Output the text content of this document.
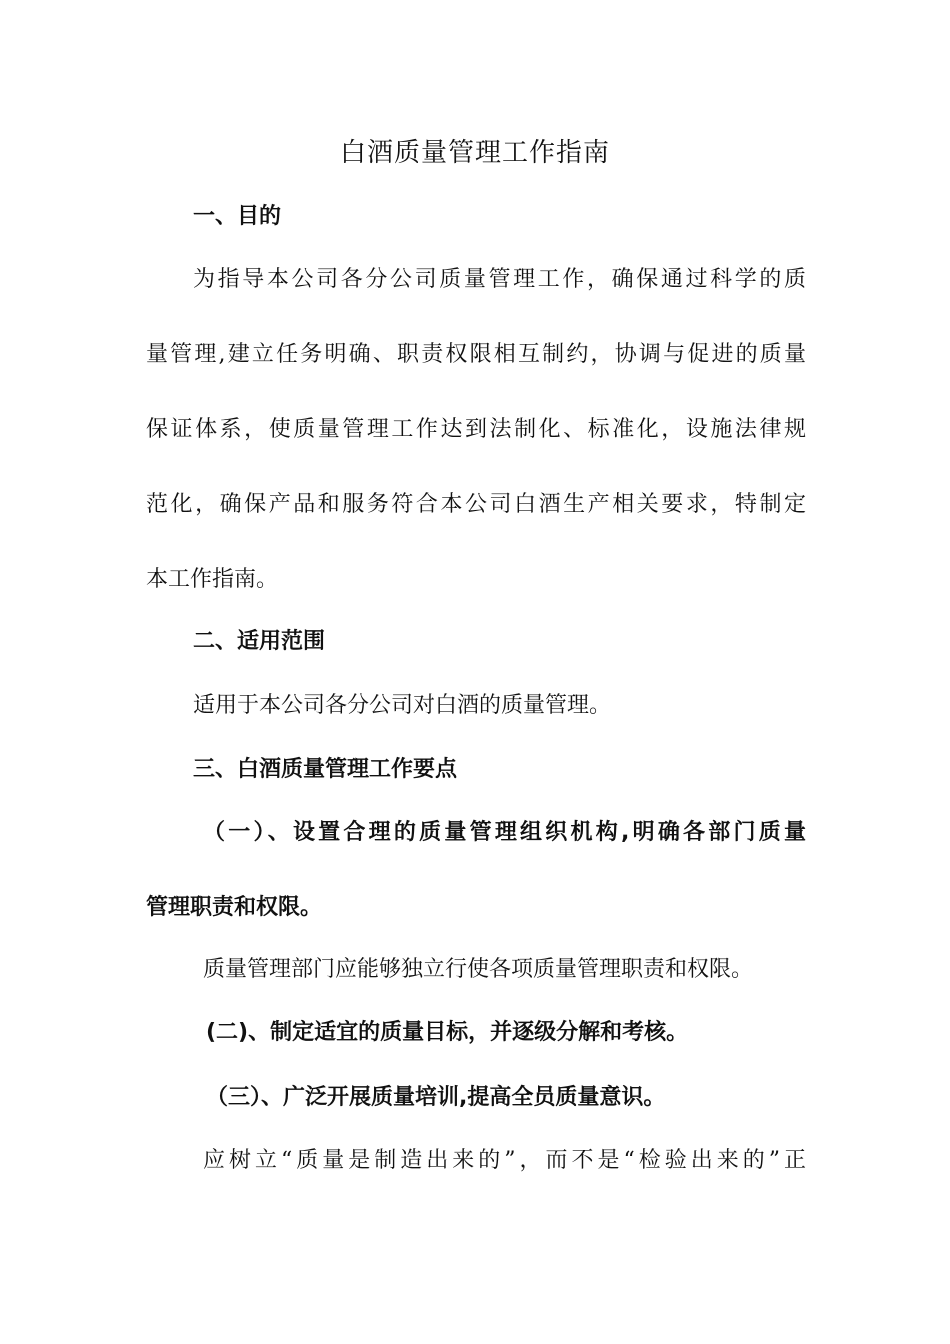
白酒质量管理工作指南

一、目的

为指导本公司各分公司质量管理工作，确保通过科学的质

量管理,建立任务明确、职责权限相互制约，协调与促进的质量

保证体系，使质量管理工作达到法制化、标准化，设施法律规

范化，确保产品和服务符合本公司白酒生产相关要求，特制定

本工作指南。

二、适用范围

适用于本公司各分公司对白酒的质量管理。

三、白酒质量管理工作要点

（一）、设置合理的质量管理组织机构,明确各部门质量

管理职责和权限。

质量管理部门应能够独立行使各项质量管理职责和权限。

(二)、制定适宜的质量目标，并逐级分解和考核。

（三）、广泛开展质量培训,提高全员质量意识。

应树立“质量是制造出来的”，而不是“检验出来的”正
